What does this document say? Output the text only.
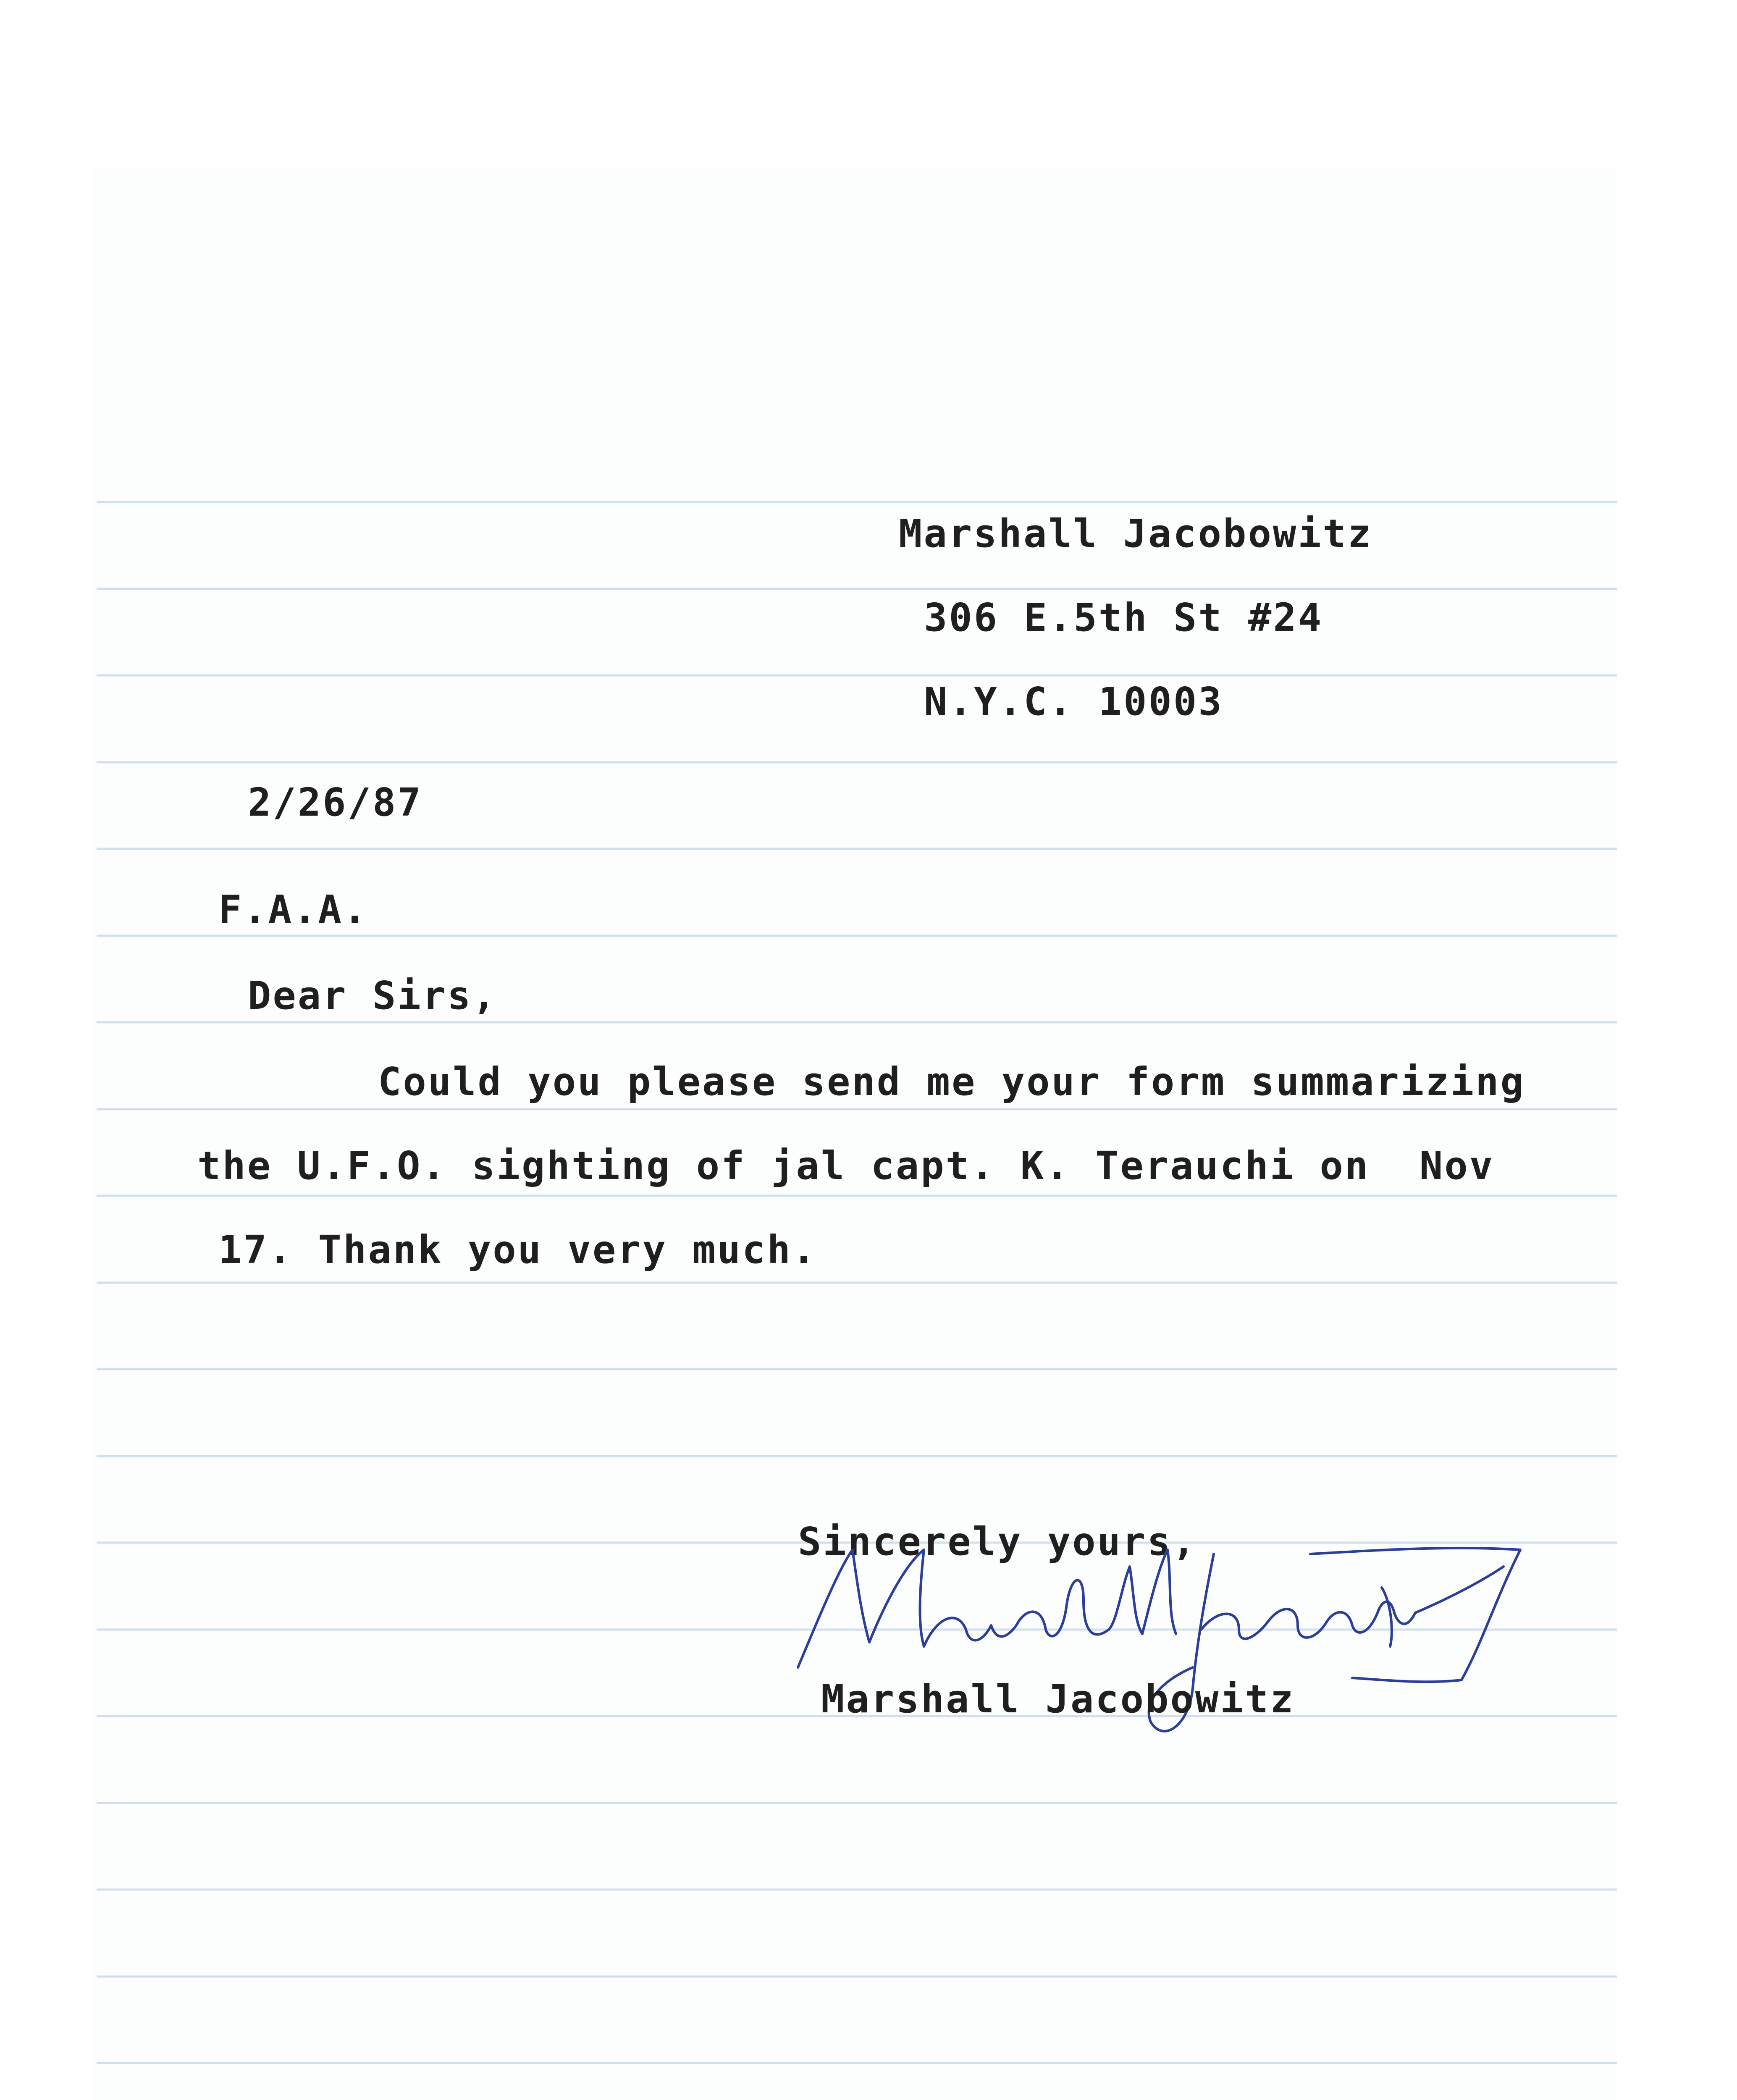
Marshall Jacobowitz
306 E.5th St #24
N.Y.C. 10003
2/26/87
F.A.A.
Dear Sirs,
Could you please send me your form summarizing
the U.F.O. sighting of jal capt. K. Terauchi on  Nov
17. Thank you very much.
Sincerely yours,
Marshall Jacobowitz
